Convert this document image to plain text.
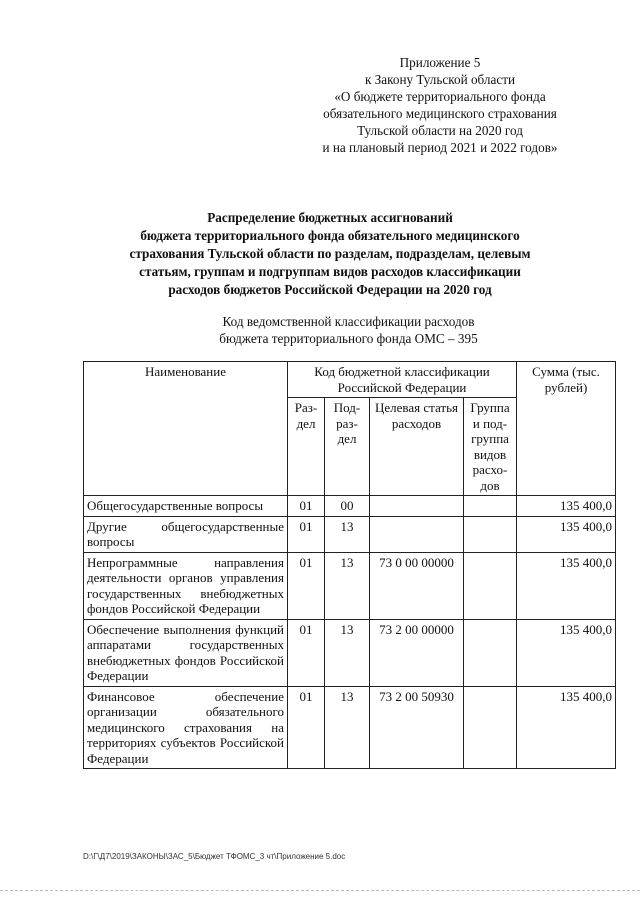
Приложение 5
к Закону Тульской области
«О бюджете территориального фонда
обязательного медицинского страхования
Тульской области на 2020 год
и на плановый период 2021 и 2022 годов»
Распределение бюджетных ассигнований
бюджета территориального фонда обязательного медицинского
страхования Тульской области по разделам, подразделам, целевым
статьям, группам и подгруппам видов расходов классификации
расходов бюджетов Российской Федерации на 2020 год
Код ведомственной классификации расходов
бюджета территориального фонда ОМС – 395
Наименование	Код бюджетной классификации Российской Федерации				Сумма (тыс. рублей)
	Раз-дел	Под-раз-дел	Целевая статья расходов	Группа и под-группа видов расхо-дов	
Общегосударственные вопросы	01	00			135 400,0
Другие общегосударственные вопросы	01	13			135 400,0
Непрограммные направления деятельности органов управления государственных внебюджетных фондов Российской Федерации	01	13	73 0 00 00000		135 400,0
Обеспечение выполнения функций аппаратами государственных внебюджетных фондов Российской Федерации	01	13	73 2 00 00000		135 400,0
Финансовое обеспечение организации обязательного медицинского страхования на территориях субъектов Российской Федерации	01	13	73 2 00 50930		135 400,0
D:\Г\Д7\2019\ЗАКОНЫ\ЗАС_5\Бюджет ТФОМС_3 чт\Приложение 5.doc
